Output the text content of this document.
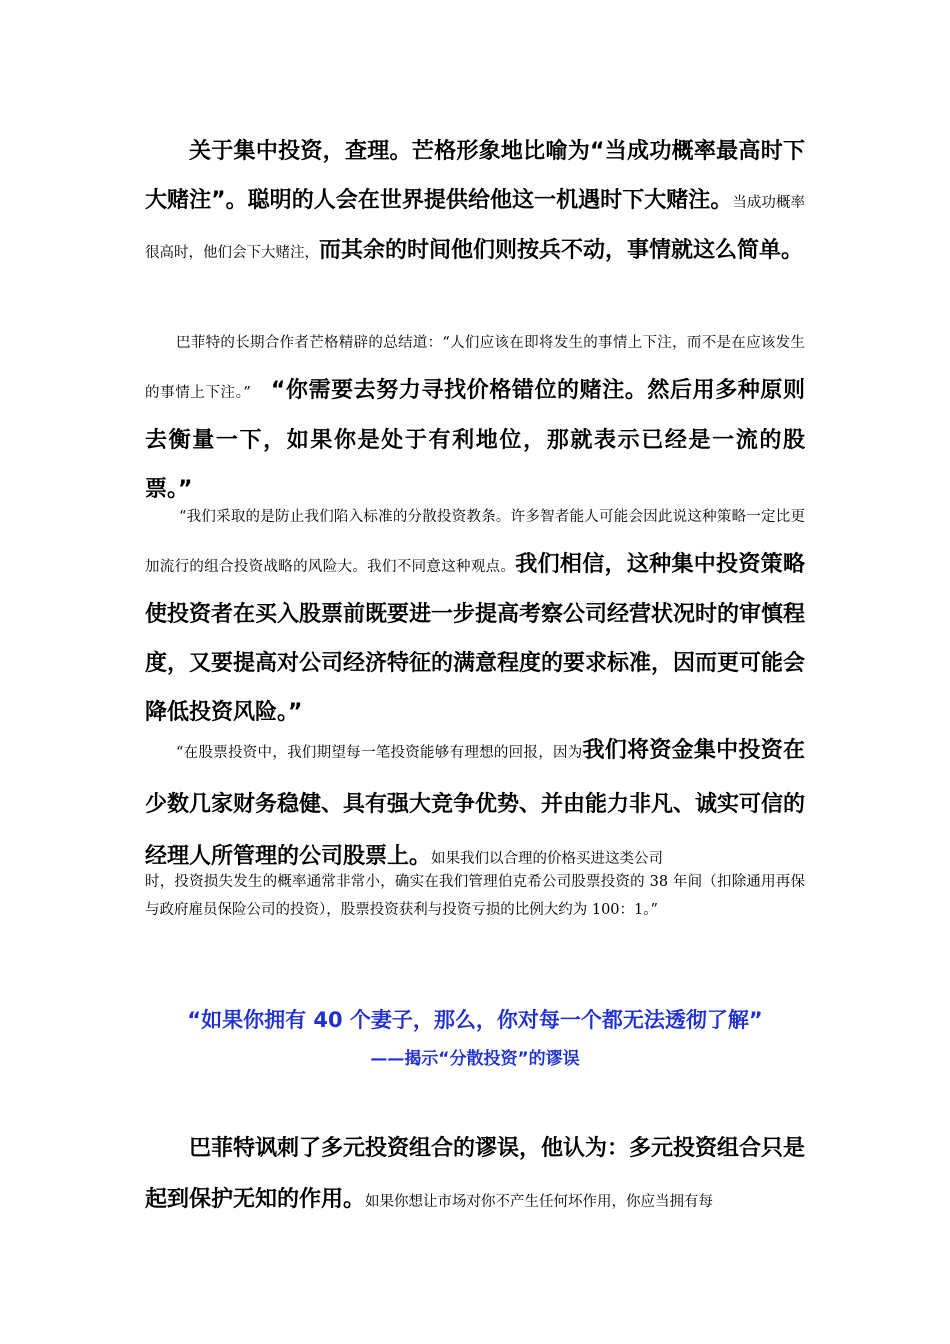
关于集中投资，查理。芒格形象地比喻为“当成功概率最高时下大赌注”。聪明的人会在世界提供给他这一机遇时下大赌注。当成功概率很高时，他们会下大赌注，而其余的时间他们则按兵不动，事情就这么简单。

巴菲特的长期合作者芒格精辟的总结道：“人们应该在即将发生的事情上下注，而不是在应该发生的事情上下注。” “你需要去努力寻找价格错位的赌注。然后用多种原则去衡量一下，如果你是处于有利地位，那就表示已经是一流的股票。”

“我们采取的是防止我们陷入标准的分散投资教条。许多智者能人可能会因此说这种策略一定比更加流行的组合投资战略的风险大。我们不同意这种观点。我们相信，这种集中投资策略使投资者在买入股票前既要进一步提高考察公司经营状况时的审慎程度，又要提高对公司经济特征的满意程度的要求标准，因而更可能会降低投资风险。”

“在股票投资中，我们期望每一笔投资能够有理想的回报，因为我们将资金集中投资在少数几家财务稳健、具有强大竞争优势、并由能力非凡、诚实可信的经理人所管理的公司股票上。如果我们以合理的价格买进这类公司

时，投资损失发生的概率通常非常小，确实在我们管理伯克希公司股票投资的 38 年间（扣除通用再保与政府雇员保险公司的投资），股票投资获利与投资亏损的比例大约为 100：1。”

“如果你拥有 40 个妻子，那么，你对每一个都无法透彻了解”

——揭示“分散投资”的谬误

巴菲特讽刺了多元投资组合的谬误，他认为：多元投资组合只是起到保护无知的作用。如果你想让市场对你不产生任何坏作用，你应当拥有每
